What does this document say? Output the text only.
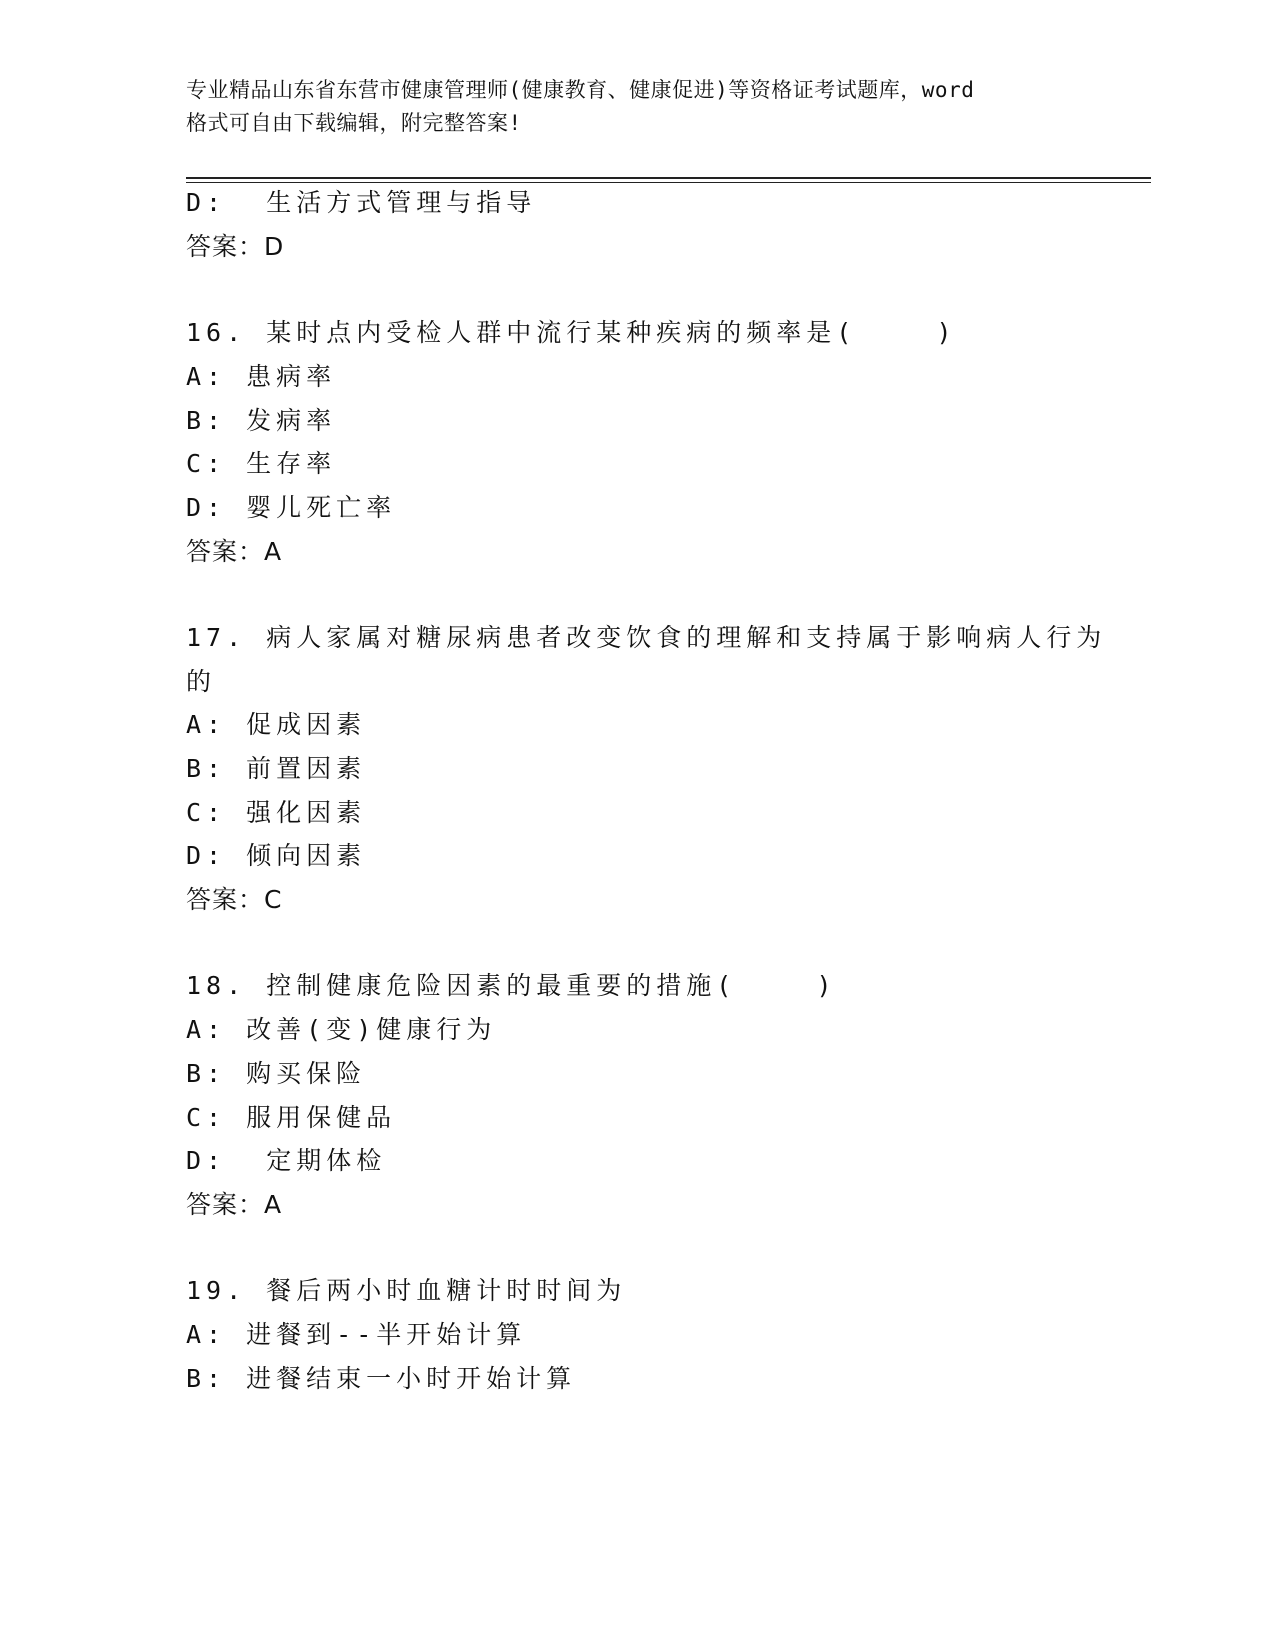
专业精品山东省东营市健康管理师(健康教育、健康促进)等资格证考试题库，word
格式可自由下载编辑，附完整答案!
D:  生活方式管理与指导
答案：D
16. 某时点内受检人群中流行某种疾病的频率是(    )
A: 患病率
B: 发病率
C: 生存率
D: 婴儿死亡率
答案：A
17. 病人家属对糖尿病患者改变饮食的理解和支持属于影响病人行为
的
A: 促成因素
B: 前置因素
C: 强化因素
D: 倾向因素
答案：C
18. 控制健康危险因素的最重要的措施(    )
A: 改善(变)健康行为
B: 购买保险
C: 服用保健品
D:  定期体检
答案：A
19. 餐后两小时血糖计时时间为
A: 进餐到--半开始计算
B: 进餐结束一小时开始计算
